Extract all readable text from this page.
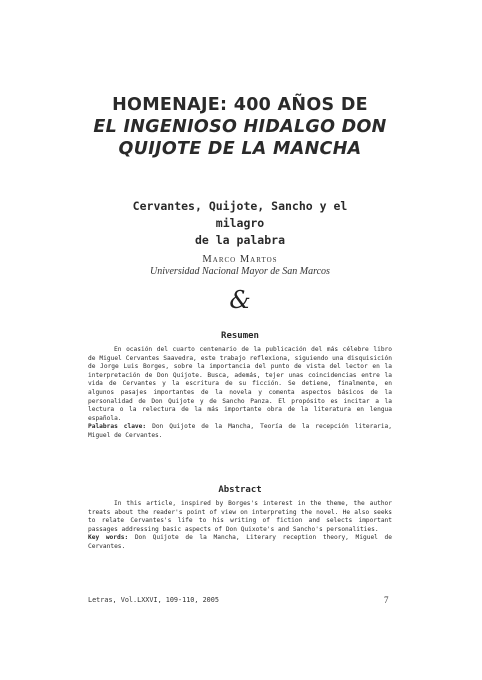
HOMENAJE: 400 AÑOS DE
EL INGENIOSO HIDALGO DON
QUIJOTE DE LA MANCHA
Cervantes, Quijote, Sancho y el milagro
de la palabra
Marco Martos
Universidad Nacional Mayor de San Marcos
&
Resumen

En ocasión del cuarto centenario de la publicación del más célebre libro de Miguel Cervantes Saavedra, este trabajo reflexiona, siguiendo una disquisición de Jorge Luis Borges, sobre la importancia del punto de vista del lector en la interpretación de Don Quijote. Busca, además, tejer unas coincidencias entre la vida de Cervantes y la escritura de su ficción. Se detiene, finalmente, en algunos pasajes importantes de la novela y comenta aspectos básicos de la personalidad de Don Quijote y de Sancho Panza. El propósito es incitar a la lectura o la relectura de la más importante obra de la literatura en lengua española.

Palabras clave: Don Quijote de la Mancha, Teoría de la recepción literaria, Miguel de Cervantes.

Abstract

In this article, inspired by Borges's interest in the theme, the author treats about the reader's point of view on interpreting the novel. He also seeks to relate Cervantes's life to his writing of fiction and selects important passages addressing basic aspects of Don Quixote's and Sancho's personalities.

Key words: Don Quijote de la Mancha, Literary reception theory, Miguel de Cervantes.

Letras, Vol.LXXVI, 109-110, 2005	7
